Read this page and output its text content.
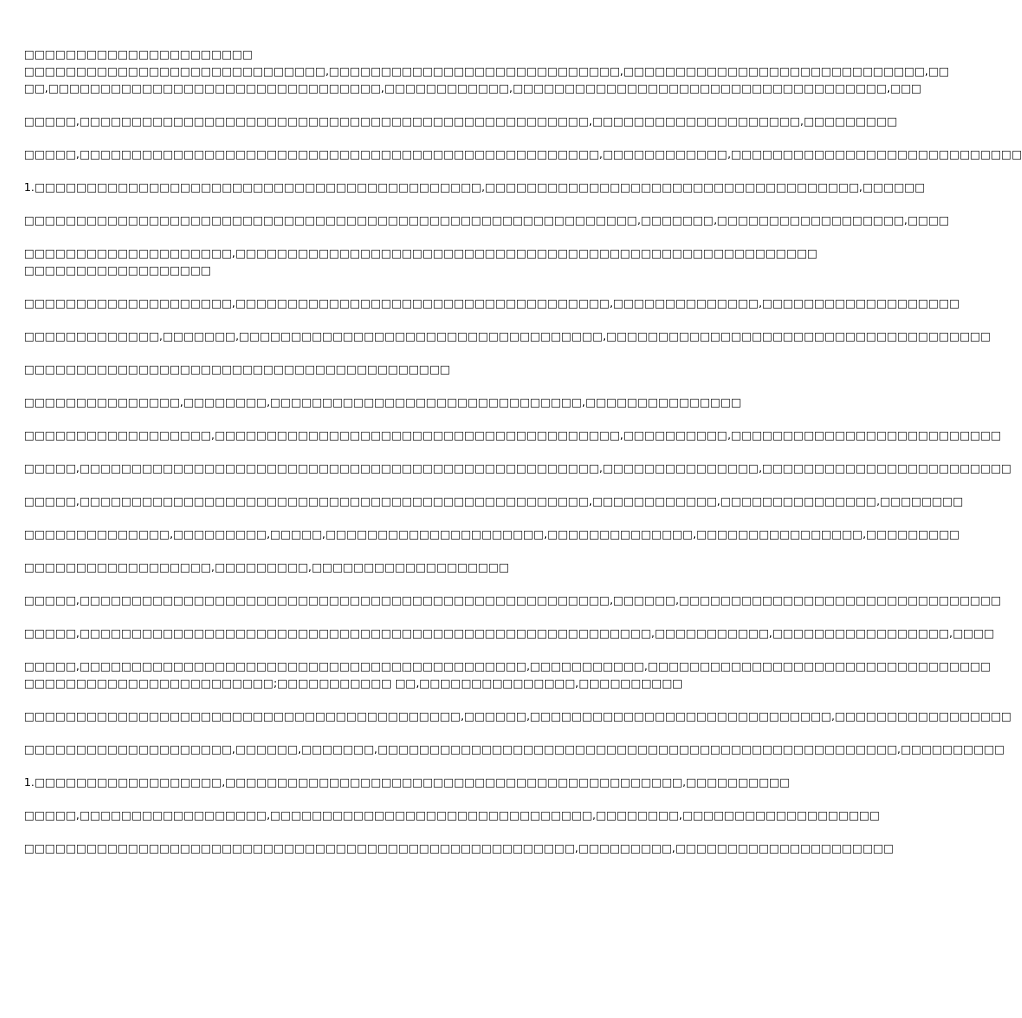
□□□□□□□□□□□□□□□□□□□□□□

□□□□□□□□□□□□□□□□□□□□□□□□□□□□□,□□□□□□□□□□□□□□□□□□□□□□□□□□□□,□□□□□□□□□□□□□□□□□□□□□□□□□□□□□,□□

□□,□□□□□□□□□□□□□□□□□□□□□□□□□□□□□□□□,□□□□□□□□□□□□,□□□□□□□□□□□□□□□□□□□□□□□□□□□□□□□□□□□□,□□□

□□□□□,□□□□□□□□□□□□□□□□□□□□□□□□□□□□□□□□□□□□□□□□□□□□□□□□□,□□□□□□□□□□□□□□□□□□□□,□□□□□□□□□

□□□□□,□□□□□□□□□□□□□□□□□□□□□□□□□□□□□□□□□□□□□□□□□□□□□□□□□□,□□□□□□□□□□□□,□□□□□□□□□□□□□□□□□□□□□□□□□□□□

1.□□□□□□□□□□□□□□□□□□□□□□□□□□□□□□□□□□□□□□□□□□□,□□□□□□□□□□□□□□□□□□□□□□□□□□□□□□□□□□□□,□□□□□□

□□□□□□□□□□□□□□□□□□□□□□□□□□□□□□□□□□□□□□□□□□□□□□□□□□□□□□□□□□□,□□□□□□□,□□□□□□□□□□□□□□□□□□,□□□□

□□□□□□□□□□□□□□□□□□□□,□□□□□□□□□□□□□□□□□□□□□□□□□□□□□□□□□□□□□□□□□□□□□□□□□□□□□□□□

□□□□□□□□□□□□□□□□□□

□□□□□□□□□□□□□□□□□□□□,□□□□□□□□□□□□□□□□□□□□□□□□□□□□□□□□□□□□,□□□□□□□□□□□□□□,□□□□□□□□□□□□□□□□□□□

□□□□□□□□□□□□□,□□□□□□□,□□□□□□□□□□□□□□□□□□□□□□□□□□□□□□□□□□□,□□□□□□□□□□□□□□□□□□□□□□□□□□□□□□□□□□□□□

□□□□□□□□□□□□□□□□□□□□□□□□□□□□□□□□□□□□□□□□□

□□□□□□□□□□□□□□□,□□□□□□□□,□□□□□□□□□□□□□□□□□□□□□□□□□□□□□□,□□□□□□□□□□□□□□□

□□□□□□□□□□□□□□□□□□,□□□□□□□□□□□□□□□□□□□□□□□□□□□□□□□□□□□□□□□,□□□□□□□□□□,□□□□□□□□□□□□□□□□□□□□□□□□□□

□□□□□,□□□□□□□□□□□□□□□□□□□□□□□□□□□□□□□□□□□□□□□□□□□□□□□□□□,□□□□□□□□□□□□□□□,□□□□□□□□□□□□□□□□□□□□□□□□

□□□□□,□□□□□□□□□□□□□□□□□□□□□□□□□□□□□□□□□□□□□□□□□□□□□□□□□,□□□□□□□□□□□□,□□□□□□□□□□□□□□□,□□□□□□□□

□□□□□□□□□□□□□□,□□□□□□□□□,□□□□□,□□□□□□□□□□□□□□□□□□□□□,□□□□□□□□□□□□□□,□□□□□□□□□□□□□□□□,□□□□□□□□□

□□□□□□□□□□□□□□□□□□,□□□□□□□□□,□□□□□□□□□□□□□□□□□□□

□□□□□,□□□□□□□□□□□□□□□□□□□□□□□□□□□□□□□□□□□□□□□□□□□□□□□□□□□,□□□□□□,□□□□□□□□□□□□□□□□□□□□□□□□□□□□□□□

□□□□□,□□□□□□□□□□□□□□□□□□□□□□□□□□□□□□□□□□□□□□□□□□□□□□□□□□□□□□□,□□□□□□□□□□□,□□□□□□□□□□□□□□□□□,□□□□

□□□□□,□□□□□□□□□□□□□□□□□□□□□□□□□□□□□□□□□□□□□□□□□□□,□□□□□□□□□□□,□□□□□□□□□□□□□□□□□□□□□□□□□□□□□□□□□

□□□□□□□□□□□□□□□□□□□□□□□□;□□□□□□□□□□□ □□,□□□□□□□□□□□□□□□,□□□□□□□□□□

□□□□□□□□□□□□□□□□□□□□□□□□□□□□□□□□□□□□□□□□□□,□□□□□□,□□□□□□□□□□□□□□□□□□□□□□□□□□□□□,□□□□□□□□□□□□□□□□□

□□□□□□□□□□□□□□□□□□□□,□□□□□□,□□□□□□□,□□□□□□□□□□□□□□□□□□□□□□□□□□□□□□□□□□□□□□□□□□□□□□□□□□,□□□□□□□□□□

1.□□□□□□□□□□□□□□□□□□,□□□□□□□□□□□□□□□□□□□□□□□□□□□□□□□□□□□□□□□□□□□□,□□□□□□□□□□

□□□□□,□□□□□□□□□□□□□□□□□□,□□□□□□□□□□□□□□□□□□□□□□□□□□□□□□□,□□□□□□□□,□□□□□□□□□□□□□□□□□□□

□□□□□□□□□□□□□□□□□□□□□□□□□□□□□□□□□□□□□□□□□□□□□□□□□□□□□,□□□□□□□□□,□□□□□□□□□□□□□□□□□□□□□
